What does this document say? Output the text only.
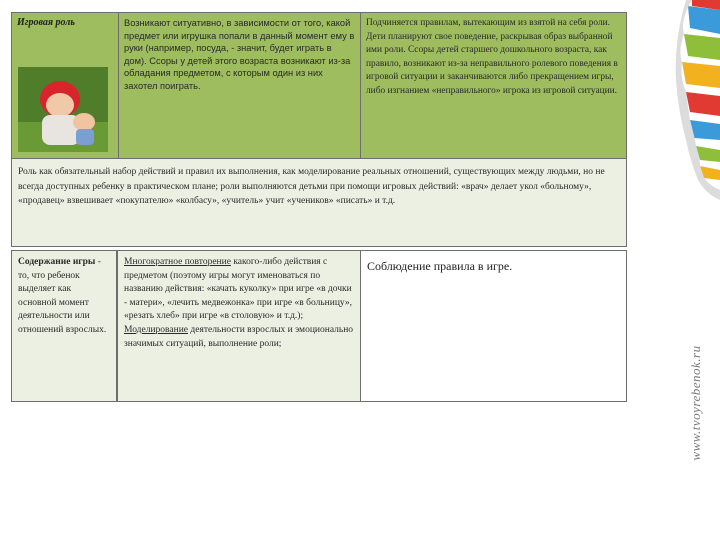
Игровая роль	Возникают ситуативно, в зависимости от того, какой предмет или игрушка попали в данный момент ему в руки (например, посуда, - значит, будет играть в дом). Ссоры у детей этого возраста возникают из-за обладания предметом, с которым один из них захотел поиграть.
Подчиняется правилам, вытекающим из взятой на себя роли. Дети планируют свое поведение, раскрывая образ выбранной ими роли. Ссоры детей старшего дошкольного возраста, как правило, возникают из-за неправильного ролевого поведения в игровой ситуации и заканчиваются либо прекращением игры, либо изгнанием «неправильного» игрока из игровой ситуации.
Роль как обязательный набор действий и правил их выполнения, как моделирование реальных отношений, существующих между людьми, но не всегда доступных ребенку в практическом плане; роли выполняются детьми при помощи игровых действий: «врач» делает укол «больному», «продавец» взвешивает «покупателю» «колбасу», «учитель» учит «учеников» «писать» и т.д.
Содержание игры - то, что ребенок выделяет как основной момент деятельности или отношений взрослых.
Многократное повторение какого-либо действия с предметом (поэтому игры могут именоваться по названию действия: «качать куколку» при игре «в дочки - матери», «лечить медвежонка» при игре «в больницу», «резать хлеб» при игре «в столовую» и т.д.);
Моделирование деятельности взрослых и эмоционально значимых ситуаций, выполнение роли;
Соблюдение правила в игре.
www.tvoyrebenok.ru
